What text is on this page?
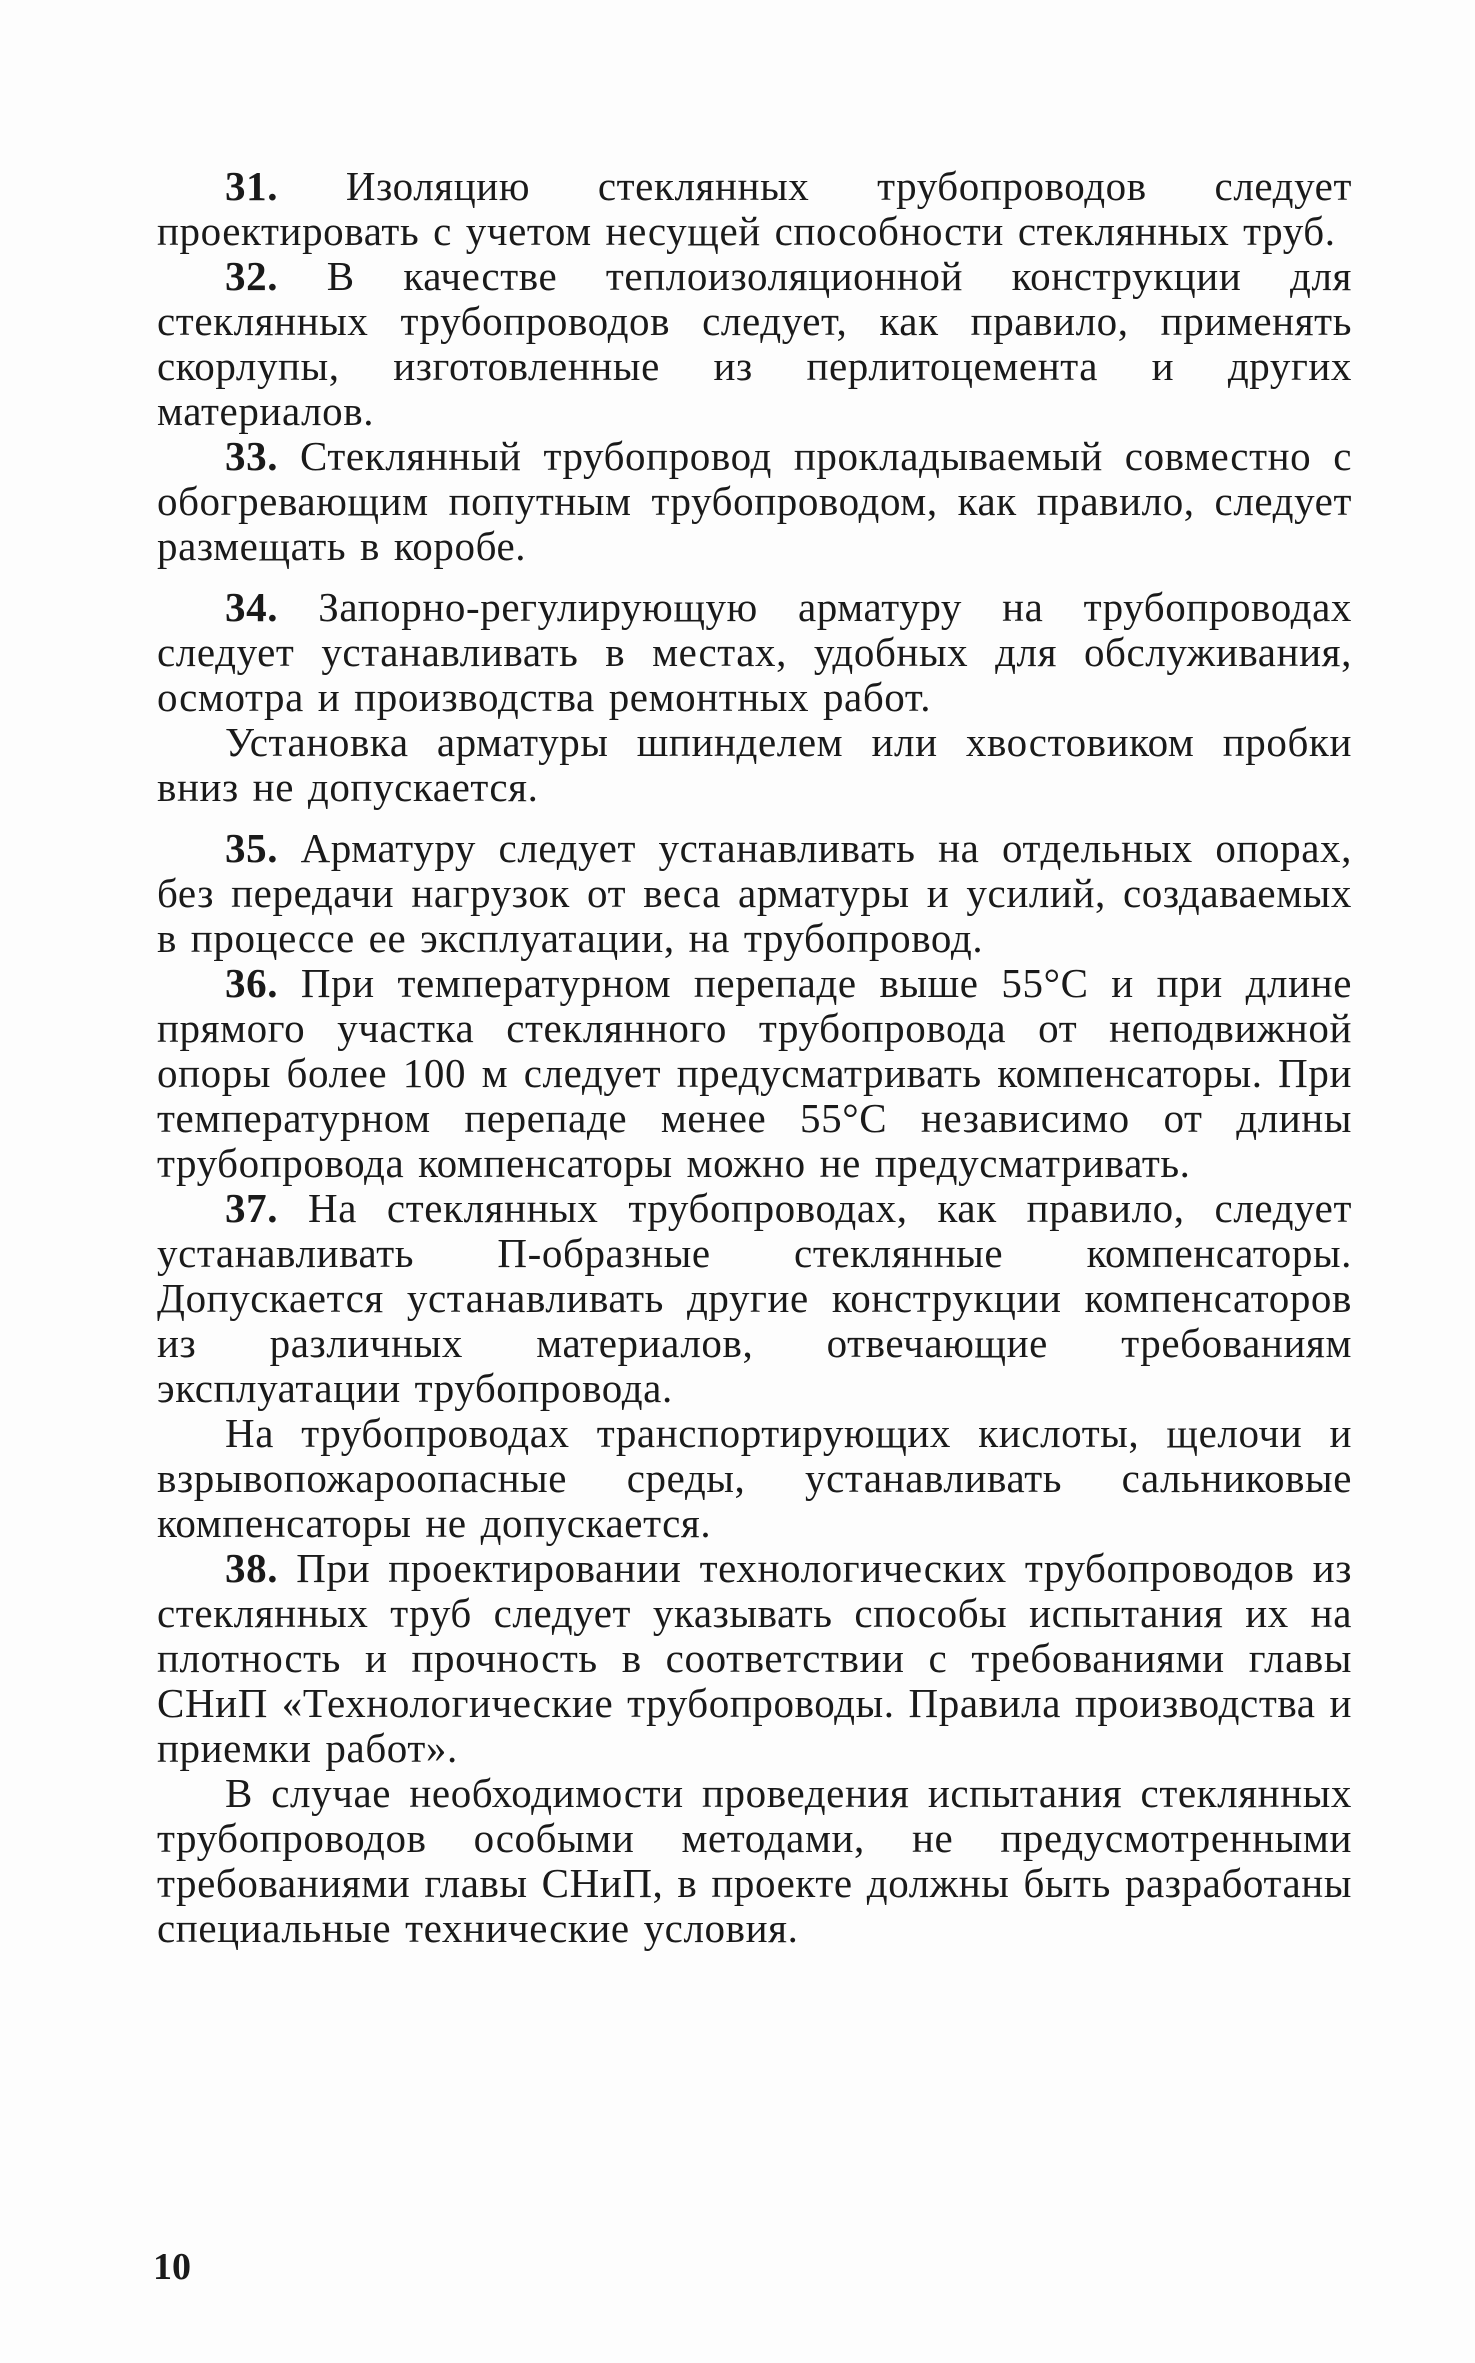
31. Изоляцию стеклянных трубопроводов следует проектировать с учетом несущей способности стеклянных труб.

32. В качестве теплоизоляционной конструкции для стеклянных трубопроводов следует, как правило, применять скорлупы, изготовленные из перлитоцемента и других материалов.

33. Стеклянный трубопровод прокладываемый совместно с обогревающим попутным трубопроводом, как правило, следует размещать в коробе.

34. Запорно-регулирующую арматуру на трубопроводах следует устанавливать в местах, удобных для обслуживания, осмотра и производства ремонтных работ.

Установка арматуры шпинделем или хвостовиком пробки вниз не допускается.

35. Арматуру следует устанавливать на отдельных опорах, без передачи нагрузок от веса арматуры и усилий, создаваемых в процессе ее эксплуатации, на трубопровод.

36. При температурном перепаде выше 55°С и при длине прямого участка стеклянного трубопровода от неподвижной опоры более 100 м следует предусматривать компенсаторы. При температурном перепаде менее 55°С независимо от длины трубопровода компенсаторы можно не предусматривать.

37. На стеклянных трубопроводах, как правило, следует устанавливать П-образные стеклянные компенсаторы. Допускается устанавливать другие конструкции компенсаторов из различных материалов, отвечающие требованиям эксплуатации трубопровода.

На трубопроводах транспортирующих кислоты, щелочи и взрывопожароопасные среды, устанавливать сальниковые компенсаторы не допускается.

38. При проектировании технологических трубопроводов из стеклянных труб следует указывать способы испытания их на плотность и прочность в соответствии с требованиями главы СНиП «Технологические трубопроводы. Правила производства и приемки работ».

В случае необходимости проведения испытания стеклянных трубопроводов особыми методами, не предусмотренными требованиями главы СНиП, в проекте должны быть разработаны специальные технические условия.

10
